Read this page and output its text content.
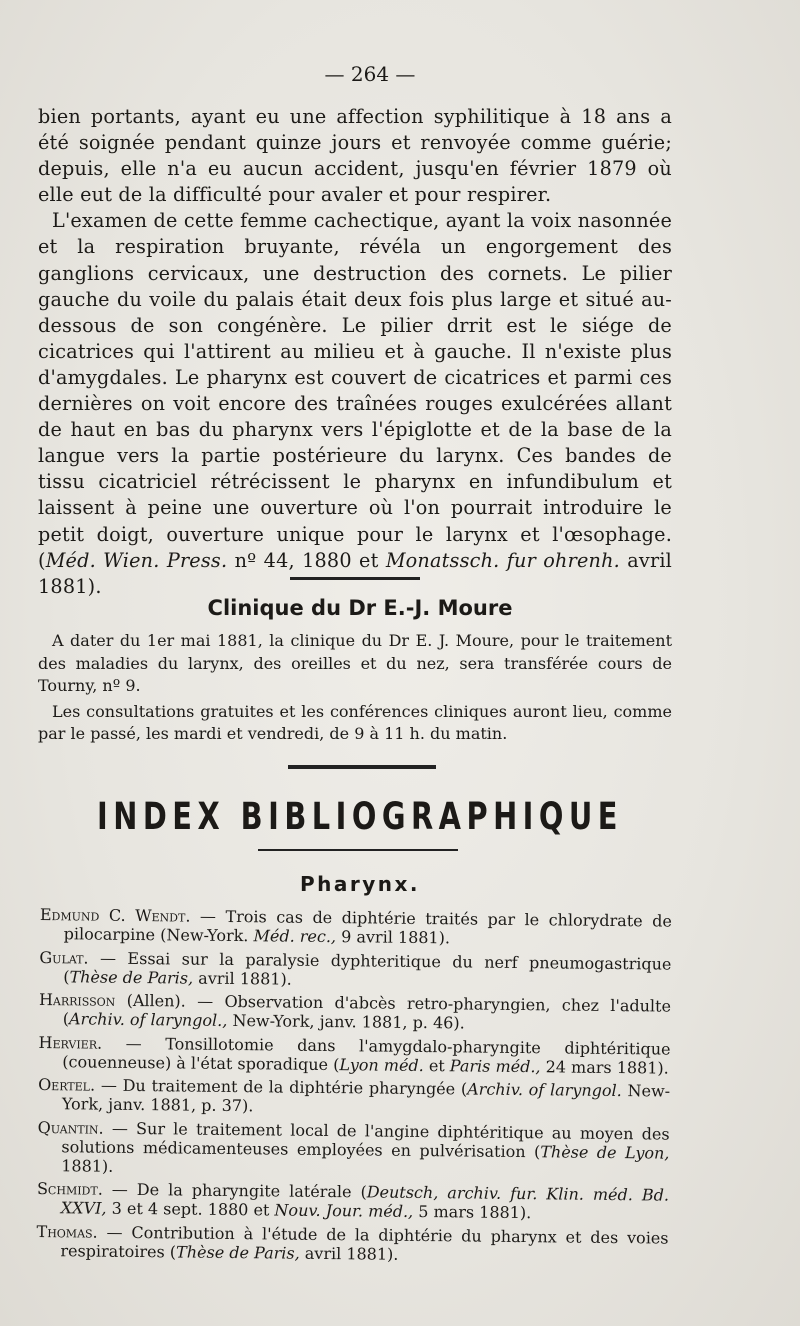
— 264 —

bien portants, ayant eu une affection syphilitique à 18 ans a été soignée pendant quinze jours et renvoyée comme guérie; depuis, elle n'a eu aucun accident, jusqu'en février 1879 où elle eut de la difficulté pour avaler et pour respirer.

L'examen de cette femme cachectique, ayant la voix nasonnée et la respiration bruyante, révéla un engorgement des ganglions cervicaux, une destruction des cornets. Le pilier gauche du voile du palais était deux fois plus large et situé au-dessous de son congénère. Le pilier drrit est le siége de cicatrices qui l'attirent au milieu et à gauche. Il n'existe plus d'amygdales. Le pharynx est couvert de cicatrices et parmi ces dernières on voit encore des traînées rouges exulcérées allant de haut en bas du pharynx vers l'épiglotte et de la base de la langue vers la partie postérieure du larynx. Ces bandes de tissu cicatriciel rétrécissent le pharynx en infundibulum et laissent à peine une ouverture où l'on pourrait introduire le petit doigt, ouverture unique pour le larynx et l'œsophage. (Méd. Wien. Press. nº 44, 1880 et Monatssch. fur ohrenh. avril 1881).

Clinique du Dr E.-J. Moure

A dater du 1er mai 1881, la clinique du Dr E. J. Moure, pour le traitement des maladies du larynx, des oreilles et du nez, sera transférée cours de Tourny, nº 9.

Les consultations gratuites et les conférences cliniques auront lieu, comme par le passé, les mardi et vendredi, de 9 à 11 h. du matin.

INDEX BIBLIOGRAPHIQUE
Pharynx.
Edmund C. Wendt. — Trois cas de diphtérie traités par le chlorydrate de pilocarpine (New-York. Méd. rec., 9 avril 1881).
Gulat. — Essai sur la paralysie dyphteritique du nerf pneumogastrique (Thèse de Paris, avril 1881).
Harrisson (Allen). — Observation d'abcès retro-pharyngien, chez l'adulte (Archiv. of laryngol., New-York, janv. 1881, p. 46).
Hervier. — Tonsillotomie dans l'amygdalo-pharyngite diphtéritique (couenneuse) à l'état sporadique (Lyon méd. et Paris méd., 24 mars 1881).
Oertel. — Du traitement de la diphtérie pharyngée (Archiv. of laryngol. New-York, janv. 1881, p. 37).
Quantin. — Sur le traitement local de l'angine diphtéritique au moyen des solutions médicamenteuses employées en pulvérisation (Thèse de Lyon, 1881).
Schmidt. — De la pharyngite latérale (Deutsch, archiv. fur. Klin. méd. Bd. XXVI, 3 et 4 sept. 1880 et Nouv. Jour. méd., 5 mars 1881).
Thomas. — Contribution à l'étude de la diphtérie du pharynx et des voies respiratoires (Thèse de Paris, avril 1881).
